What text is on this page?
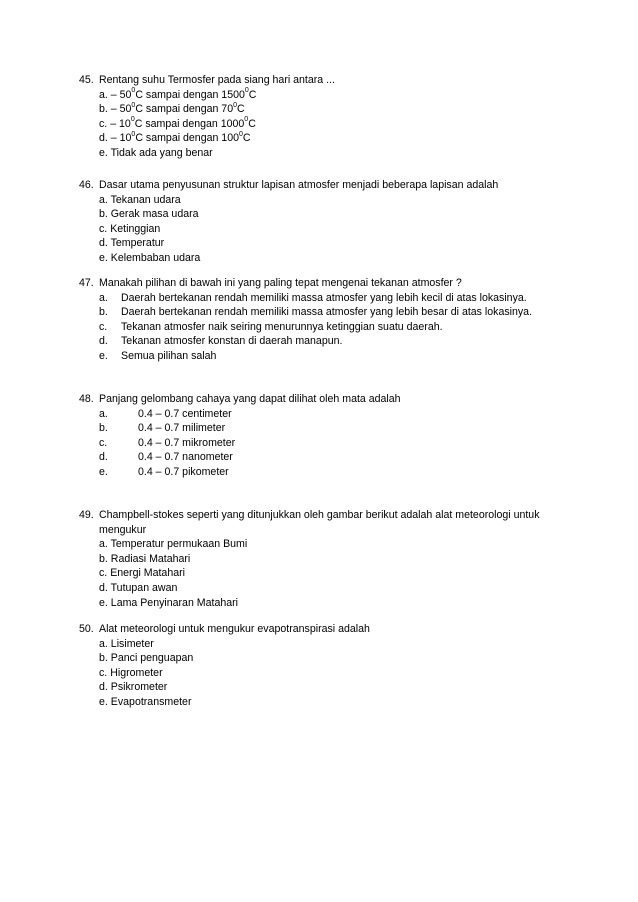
45. Rentang suhu Termosfer pada siang hari antara ...
a. – $50^0C$ sampai dengan 1500$^0$C
b. – $50^0C$ sampai dengan $70^0C$
c. – $10^0C$ sampai dengan 1000$^0$C
d. – $10^0C$ sampai dengan $100^0C$
e. Tidak ada yang benar
46. Dasar utama penyusunan struktur lapisan atmosfer menjadi beberapa lapisan adalah
a. Tekanan udara
b. Gerak masa udara
c. Ketinggian
d. Temperatur
e. Kelembaban udara
47. Manakah pilihan di bawah ini yang paling tepat mengenai tekanan atmosfer ?
a. Daerah bertekanan rendah memiliki massa atmosfer yang lebih kecil di atas lokasinya.
b. Daerah bertekanan rendah memiliki massa atmosfer yang lebih besar di atas lokasinya.
c. Tekanan atmosfer naik seiring menurunnya ketinggian suatu daerah.
d. Tekanan atmosfer konstan di daerah manapun.
e. Semua pilihan salah
48. Panjang gelombang cahaya yang dapat dilihat oleh mata adalah
a.	0.4 – 0.7 centimeter
b.	0.4 – 0.7 milimeter
c.	0.4 – 0.7 mikrometer
d.	0.4 – 0.7 nanometer
e.	0.4 – 0.7 pikometer
49. Champbell-stokes seperti yang ditunjukkan oleh gambar berikut adalah alat meteorologi untuk mengukur
a. Temperatur permukaan Bumi
b. Radiasi Matahari
c. Energi Matahari
d. Tutupan awan
e. Lama Penyinaran Matahari
50. Alat meteorologi untuk mengukur evapotranspirasi adalah
a. Lisimeter
b. Panci penguapan
c. Higrometer
d. Psikrometer
e. Evapotransmeter
